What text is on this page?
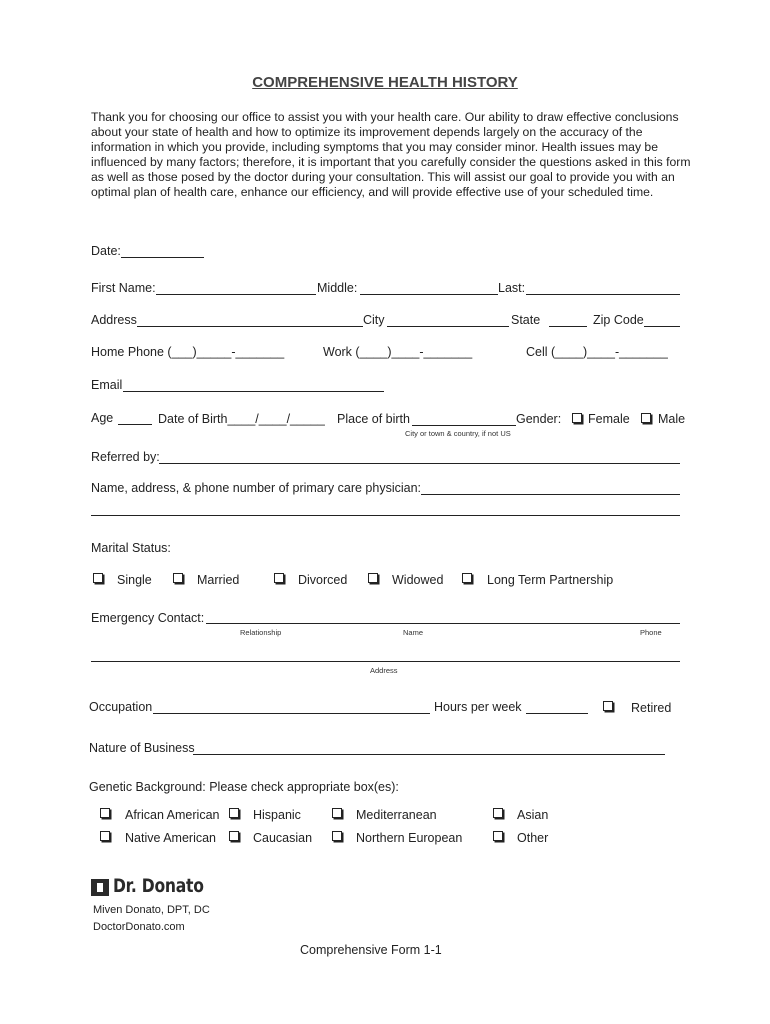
COMPREHENSIVE HEALTH HISTORY
Thank you for choosing our office to assist you with your health care. Our ability to draw effective conclusions about your state of health and how to optimize its improvement depends largely on the accuracy of the information in which you provide, including symptoms that you may consider minor. Health issues may be influenced by many factors; therefore, it is important that you carefully consider the questions asked in this form as well as those posed by the doctor during your consultation. This will assist our goal to provide you with an optimal plan of health care, enhance our efficiency, and will provide effective use of your scheduled time.
Date:
First Name:	Middle:	Last:
Address	City	State	Zip Code
Home Phone (___)_____-_______	Work (____)____-_______	Cell (____)____-_______
Email
Age	Date of Birth____/____/_____ Place of birth
City or town & country, if not US
Gender: Female Male
Referred by:
Name, address, & phone number of primary care physician:
Marital Status:
Single	Married	Divorced	Widowed	Long Term Partnership
Emergency Contact:
Relationship	Name	Phone
Address
Occupation	Hours per week	Retired
Nature of Business
Genetic Background: Please check appropriate box(es):
African American	Hispanic	Mediterranean	Asian
Native American	Caucasian	Northern European	Other
Dr. Donato
Miven Donato, DPT, DC
DoctorDonato.com
Comprehensive Form 1-1
